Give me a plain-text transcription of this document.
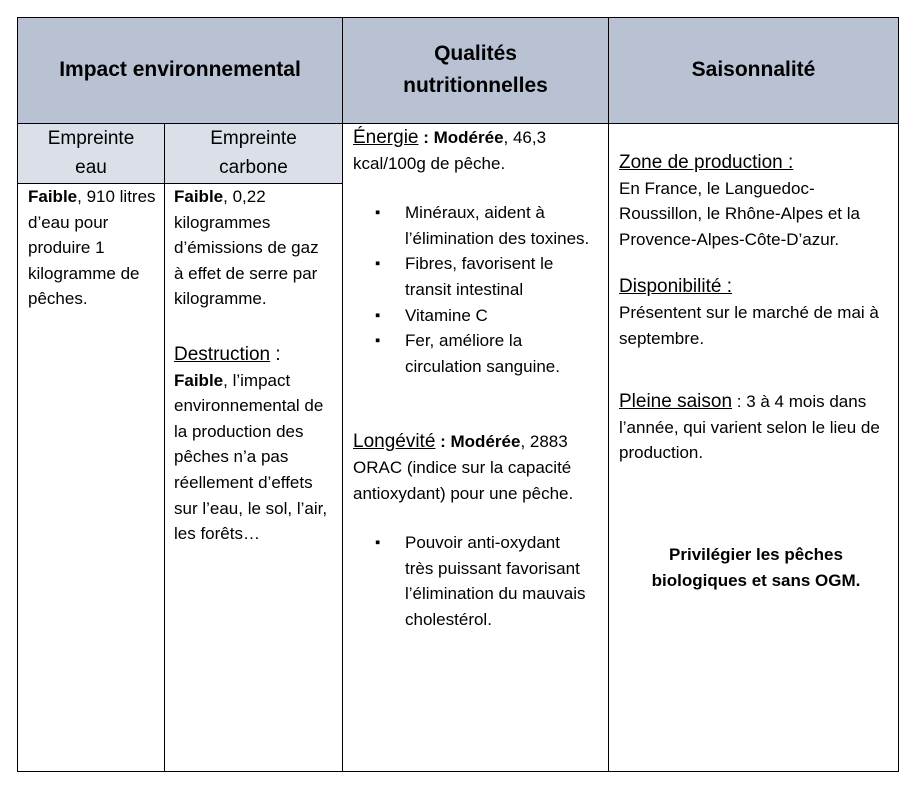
Impact environnemental
Qualités nutritionnelles
Saisonnalité
Empreinte eau
Empreinte carbone

Faible, 910 litres d’eau pour produire 1 kilogramme de pêches.

Faible, 0,22 kilogrammes d’émissions de gaz à effet de serre par kilogramme.

Destruction :

Faible, l’impact environnemental de la production des pêches n’a pas réellement d’effets sur l’eau, le sol, l’air, les forêts…

Énergie : Modérée, 46,3 kcal/100g de pêche.

▪ Minéraux, aident à l’élimination des toxines.
▪ Fibres, favorisent le transit intestinal
▪ Vitamine C
▪ Fer, améliore la circulation sanguine.

Longévité : Modérée, 2883 ORAC (indice sur la capacité antioxydant) pour une pêche.

▪ Pouvoir anti-oxydant très puissant favorisant l’élimination du mauvais cholestérol.

Zone de production :

En France, le Languedoc-Roussillon, le Rhône-Alpes et la Provence-Alpes-Côte-D’azur.

Disponibilité :

Présentent sur le marché de mai à septembre.

Pleine saison : 3 à 4 mois dans l’année, qui varient selon le lieu de production.

Privilégier les pêches biologiques et sans OGM.
